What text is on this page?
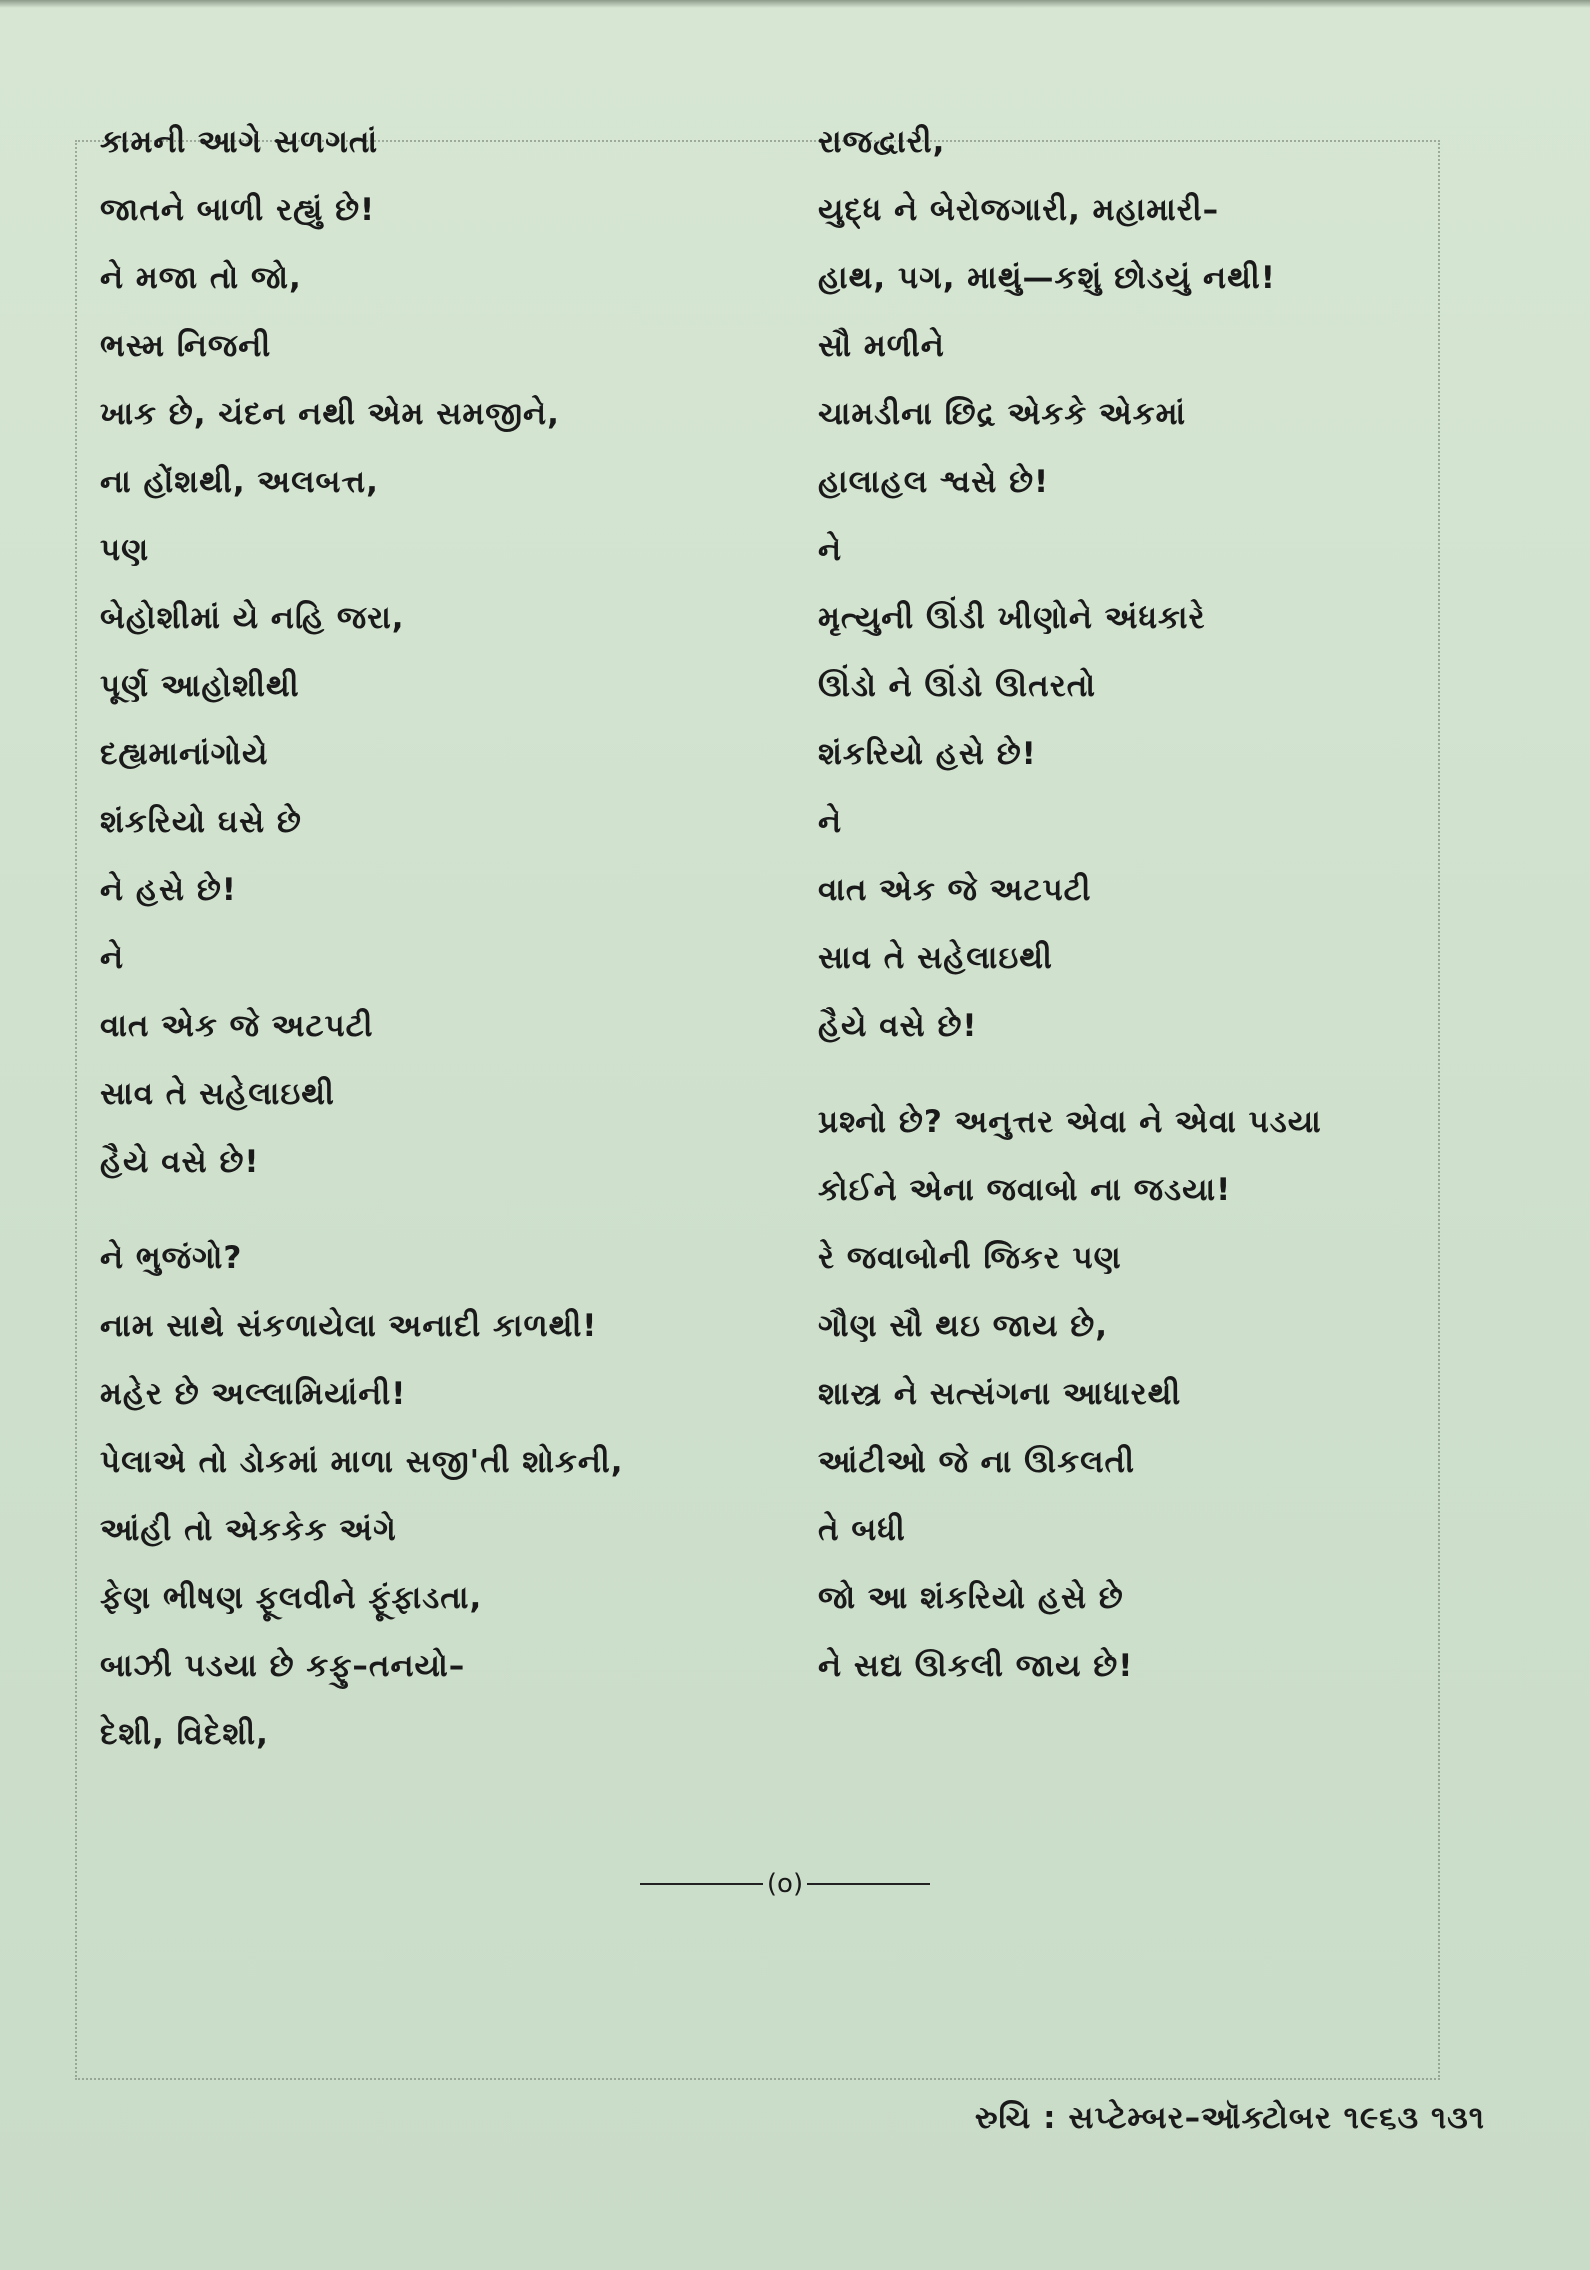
કામની આગે સળગતાં
જાતને બાળી રહ્યું છે!
ને મજા તો જો,
ભસ્મ નિજની
ખાક છે, ચંદન નથી એમ સમજીને,
ના હોંશથી, અલબત્ત,
પણ
બેહોશીમાં યે નહિ જરા,
પૂર્ણ આહોશીથી
દહ્યમાનાંગોયે
શંકરિયો ઘસે છે
ને હસે છે!
ને
વાત એક જે અટપટી
સાવ તે સહેલાઇથી
હૈયે વસે છે!
ને ભુજંગો?
નામ સાથે સંકળાયેલા અનાદી કાળથી!
મહેર છે અલ્લામિયાંની!
પેલાએ તો ડોકમાં માળા સજી'તી શોકની,
આંહી તો એકકેક અંગે
ફેણ ભીષણ ફૂલવીને ફૂંફાડતા,
બાઝી પડયા છે કફુ–તનયો–
દેશી, વિદેશી,
રાજદ્વારી,
યુદ્ધ ને બેરોજગારી, મહામારી–
હાથ, પગ, માથું—કશું છોડયું નથી!
સૌ મળીને
ચામડીના છિદ્ર એકકે એકમાં
હાલાહલ શ્વસે છે!
ને
મૃત્યુની ઊંડી ખીણોને અંધકારે
ઊંડો ને ઊંડો ઊતરતો
શંકરિયો હસે છે!
ને
વાત એક જે અટપટી
સાવ તે સહેલાઇથી
હૈયે વસે છે!
પ્રશ્નો છે? અનુત્તર એવા ને એવા પડયા
કોઈને એના જવાબો ના જડયા!
રે જવાબોની જિકર પણ
ગૌણ સૌ થઇ જાય છે,
શાસ્ત્ર ને સત્સંગના આધારથી
આંટીઓ જે ના ઊકલતી
તે બધી
જો આ શંકરિયો હસે છે
ને સદ્ય ઊકલી જાય છે!
(o)
રુચિ : સપ્ટેમ્બર–ઑક્ટોબર ૧૯૬૩ ૧૩૧
